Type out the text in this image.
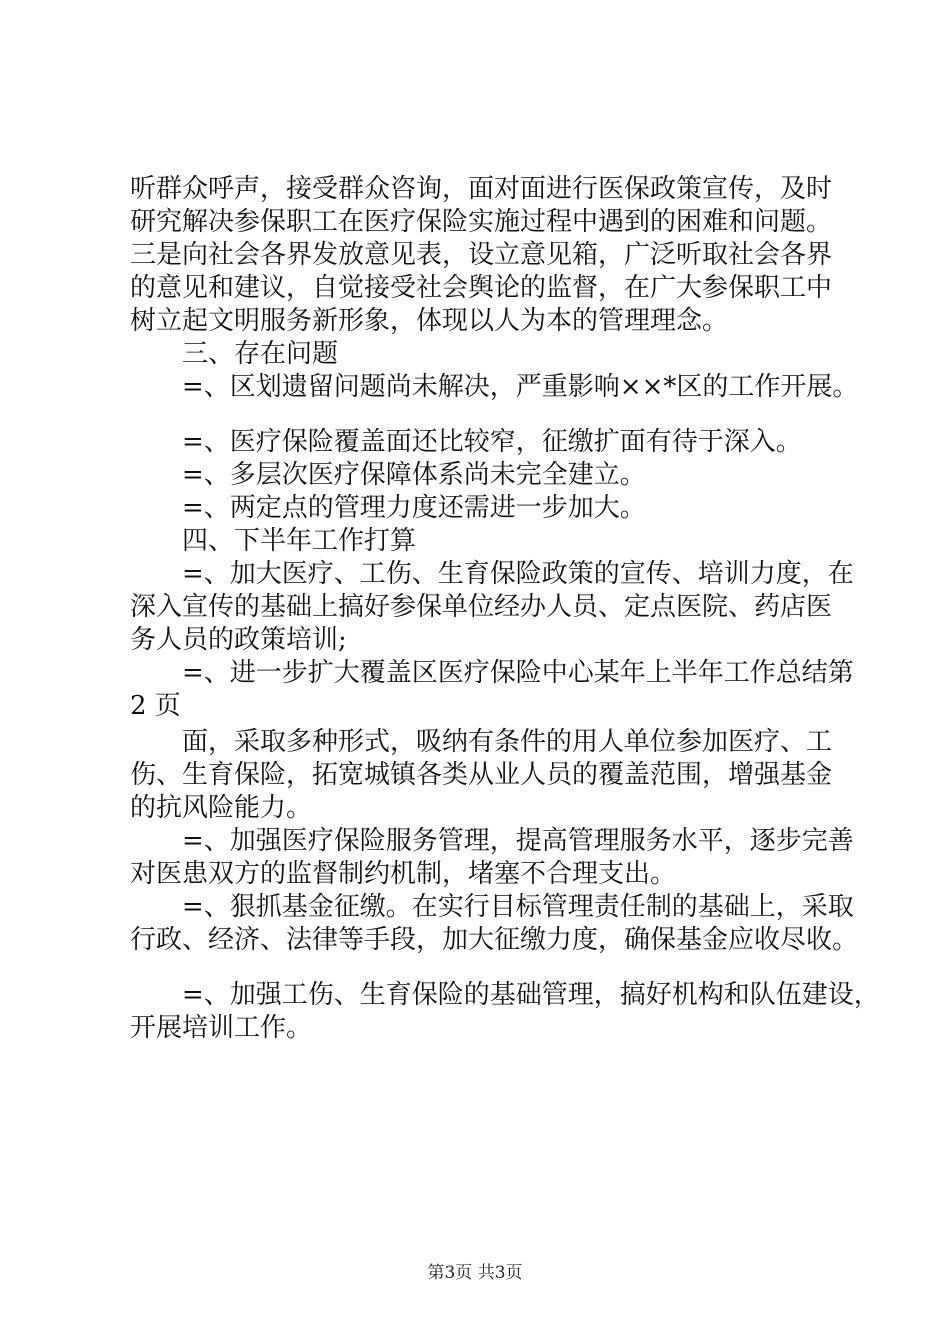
听群众呼声，接受群众咨询，面对面进行医保政策宣传，及时
研究解决参保职工在医疗保险实施过程中遇到的困难和问题。
三是向社会各界发放意见表，设立意见箱，广泛听取社会各界
的意见和建议，自觉接受社会舆论的监督，在广大参保职工中
树立起文明服务新形象，体现以人为本的管理理念。
三、存在问题
=、区划遗留问题尚未解决，严重影响××*区的工作开展。
=、医疗保险覆盖面还比较窄，征缴扩面有待于深入。
=、多层次医疗保障体系尚未完全建立。
=、两定点的管理力度还需进一步加大。
四、下半年工作打算
=、加大医疗、工伤、生育保险政策的宣传、培训力度，在
深入宣传的基础上搞好参保单位经办人员、定点医院、药店医
务人员的政策培训;
=、进一步扩大覆盖区医疗保险中心某年上半年工作总结第
2 页
面，采取多种形式，吸纳有条件的用人单位参加医疗、工
伤、生育保险，拓宽城镇各类从业人员的覆盖范围，增强基金
的抗风险能力。
=、加强医疗保险服务管理，提高管理服务水平，逐步完善
对医患双方的监督制约机制，堵塞不合理支出。
=、狠抓基金征缴。在实行目标管理责任制的基础上，采取
行政、经济、法律等手段，加大征缴力度，确保基金应收尽收。
=、加强工伤、生育保险的基础管理，搞好机构和队伍建设，
开展培训工作。
第3页 共3页
